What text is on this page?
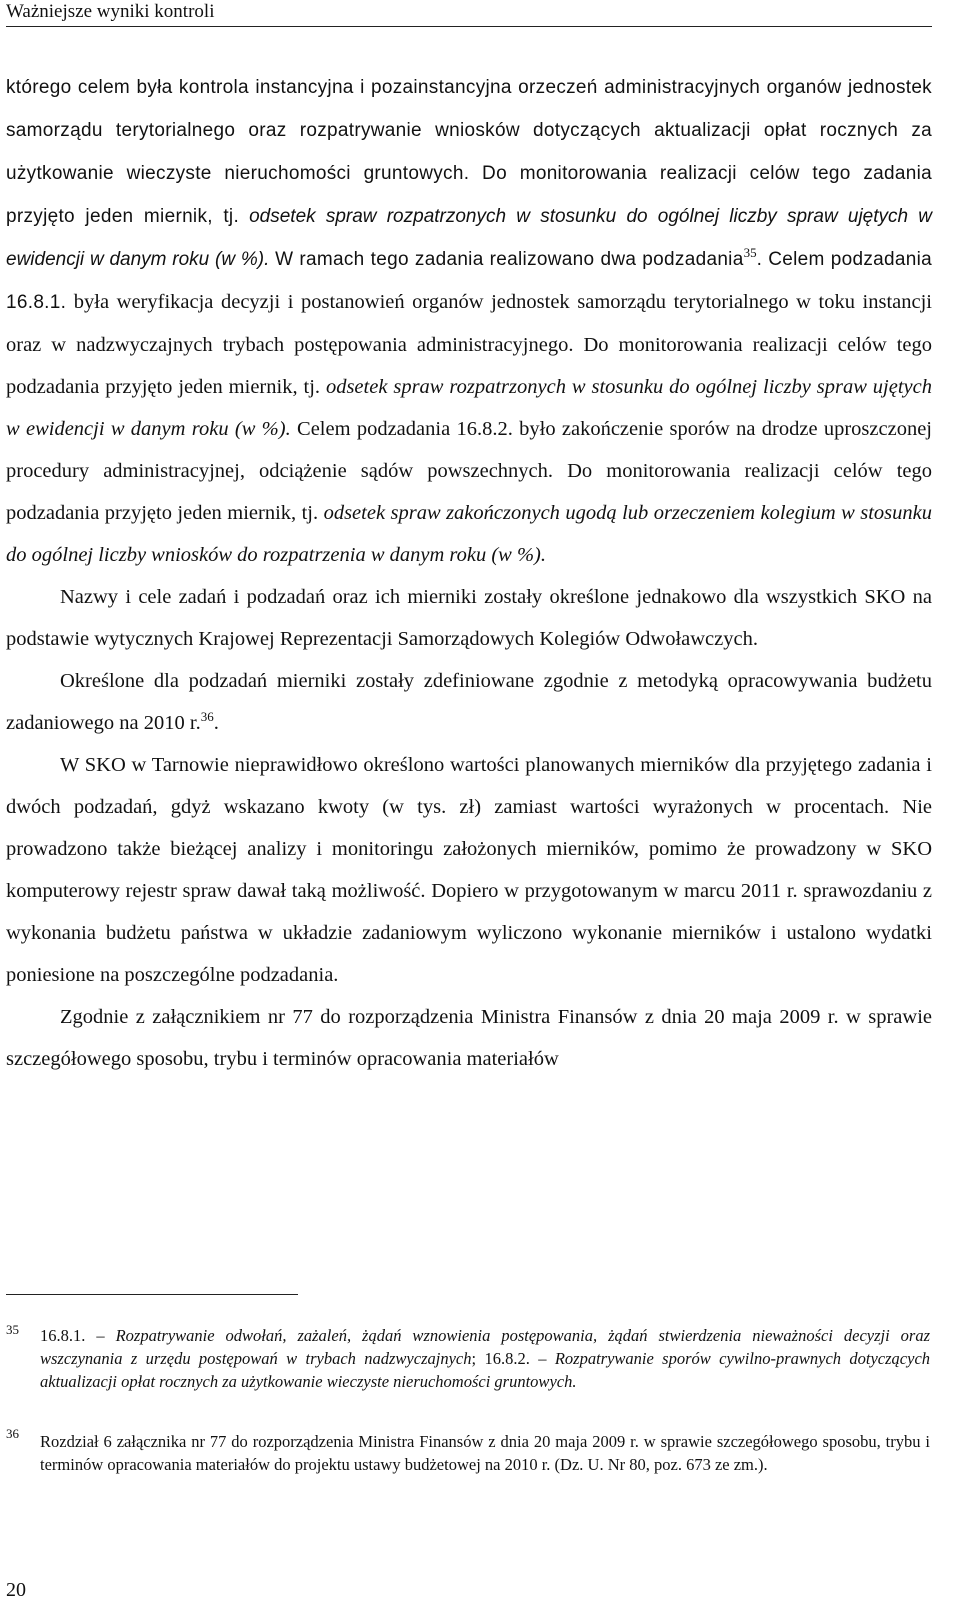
Ważniejsze wyniki kontroli

którego celem była kontrola instancyjna i pozainstancyjna orzeczeń administracyjnych organów jednostek samorządu terytorialnego oraz rozpatrywanie wniosków dotyczących aktualizacji opłat rocznych za użytkowanie wieczyste nieruchomości gruntowych. Do monitorowania realizacji celów tego zadania przyjęto jeden miernik, tj. odsetek spraw rozpatrzonych w stosunku do ogólnej liczby spraw ujętych w ewidencji w danym roku (w %). W ramach tego zadania realizowano dwa podzadania$^{35}$. Celem podzadania 16.8.1. była weryfikacja decyzji i postanowień organów jednostek samorządu terytorialnego w toku instancji oraz w nadzwyczajnych trybach postępowania administracyjnego. Do monitorowania realizacji celów tego podzadania przyjęto jeden miernik, tj. odsetek spraw rozpatrzonych w stosunku do ogólnej liczby spraw ujętych w ewidencji w danym roku (w %). Celem podzadania 16.8.2. było zakończenie sporów na drodze uproszczonej procedury administracyjnej, odciążenie sądów powszechnych. Do monitorowania realizacji celów tego podzadania przyjęto jeden miernik, tj. odsetek spraw zakończonych ugodą lub orzeczeniem kolegium w stosunku do ogólnej liczby wniosków do rozpatrzenia w danym roku (w %).

Nazwy i cele zadań i podzadań oraz ich mierniki zostały określone jednakowo dla wszystkich SKO na podstawie wytycznych Krajowej Reprezentacji Samorządowych Kolegiów Odwoławczych.

Określone dla podzadań mierniki zostały zdefiniowane zgodnie z metodyką opracowywania budżetu zadaniowego na 2010 r.$^{36}$.

W SKO w Tarnowie nieprawidłowo określono wartości planowanych mierników dla przyjętego zadania i dwóch podzadań, gdyż wskazano kwoty (w tys. zł) zamiast wartości wyrażonych w procentach. Nie prowadzono także bieżącej analizy i monitoringu założonych mierników, pomimo że prowadzony w SKO komputerowy rejestr spraw dawał taką możliwość. Dopiero w przygotowanym w marcu 2011 r. sprawozdaniu z wykonania budżetu państwa w układzie zadaniowym wyliczono wykonanie mierników i ustalono wydatki poniesione na poszczególne podzadania.

Zgodnie z załącznikiem nr 77 do rozporządzenia Ministra Finansów z dnia 20 maja 2009 r. w sprawie szczegółowego sposobu, trybu i terminów opracowania materiałów

35 16.8.1. – Rozpatrywanie odwołań, zażaleń, żądań wznowienia postępowania, żądań stwierdzenia nieważności decyzji oraz wszczynania z urzędu postępowań w trybach nadzwyczajnych; 16.8.2. – Rozpatrywanie sporów cywilno-prawnych dotyczących aktualizacji opłat rocznych za użytkowanie wieczyste nieruchomości gruntowych.
36 Rozdział 6 załącznika nr 77 do rozporządzenia Ministra Finansów z dnia 20 maja 2009 r. w sprawie szczegółowego sposobu, trybu i terminów opracowania materiałów do projektu ustawy budżetowej na 2010 r. (Dz. U. Nr 80, poz. 673 ze zm.).
20
